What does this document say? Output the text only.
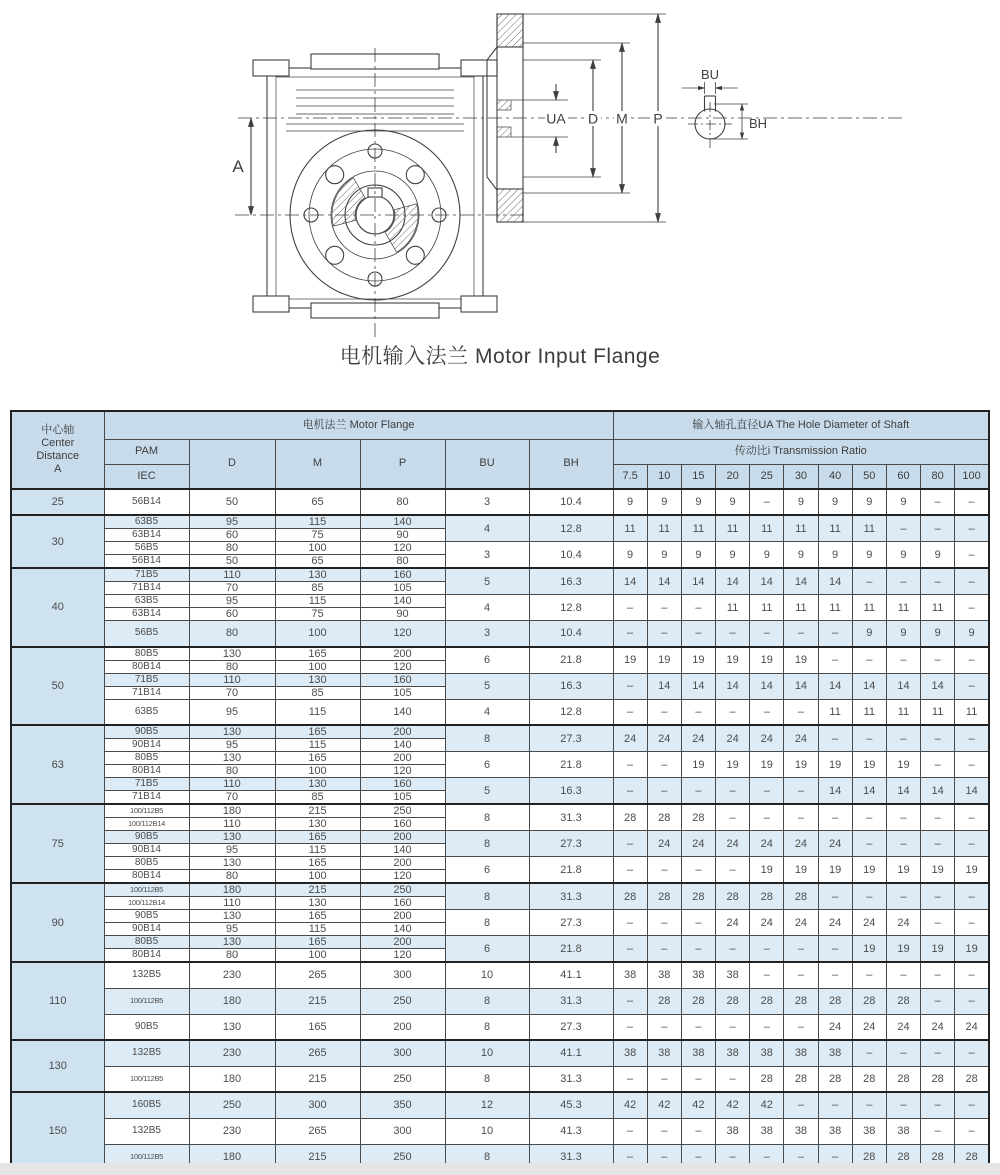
A
UA D M P
BU
BH
电机输入法兰 Motor Input Flange
中心轴
Center
Distance
A	电机法兰 Motor Flange						输入轴孔直径UA The Hole Diameter of Shaft										
	PAM	D	M	P	BU	BH	传动比i Transmission Ratio										
	IEC						7.5	10	15	20	25	30	40	50	60	80	100
25	56B14	50	65	80	3	10.4	9	9	9	9	–	9	9	9	9	–	–
30	63B5	95	115	140	4	12.8	11	11	11	11	11	11	11	11	–	–	–
	63B14	60	75	90													
	56B5	80	100	120	3	10.4	9	9	9	9	9	9	9	9	9	9	–
	56B14	50	65	80													
40	71B5	110	130	160	5	16.3	14	14	14	14	14	14	14	–	–	–	–
	71B14	70	85	105													
	63B5	95	115	140	4	12.8	–	–	–	11	11	11	11	11	11	11	–
	63B14	60	75	90													
	56B5	80	100	120	3	10.4	–	–	–	–	–	–	–	9	9	9	9
50	80B5	130	165	200	6	21.8	19	19	19	19	19	19	–	–	–	–	–
	80B14	80	100	120													
	71B5	110	130	160	5	16.3	–	14	14	14	14	14	14	14	14	14	–
	71B14	70	85	105													
	63B5	95	115	140	4	12.8	–	–	–	–	–	–	11	11	11	11	11
63	90B5	130	165	200	8	27.3	24	24	24	24	24	24	–	–	–	–	–
	90B14	95	115	140													
	80B5	130	165	200	6	21.8	–	–	19	19	19	19	19	19	19	–	–
	80B14	80	100	120													
	71B5	110	130	160	5	16.3	–	–	–	–	–	–	14	14	14	14	14
	71B14	70	85	105													
75	100/112B5	180	215	250	8	31.3	28	28	28	–	–	–	–	–	–	–	–
	100/112B14	110	130	160													
	90B5	130	165	200	8	27.3	–	24	24	24	24	24	24	–	–	–	–
	90B14	95	115	140													
	80B5	130	165	200	6	21.8	–	–	–	–	19	19	19	19	19	19	19
	80B14	80	100	120													
90	100/112B5	180	215	250	8	31.3	28	28	28	28	28	28	–	–	–	–	–
	100/112B14	110	130	160													
	90B5	130	165	200	8	27.3	–	–	–	24	24	24	24	24	24	–	–
	90B14	95	115	140													
	80B5	130	165	200	6	21.8	–	–	–	–	–	–	–	19	19	19	19
	80B14	80	100	120													
110	132B5	230	265	300	10	41.1	38	38	38	38	–	–	–	–	–	–	–
	100/112B5	180	215	250	8	31.3	–	28	28	28	28	28	28	28	28	–	–
	90B5	130	165	200	8	27.3	–	–	–	–	–	–	24	24	24	24	24
130	132B5	230	265	300	10	41.1	38	38	38	38	38	38	38	–	–	–	–
	100/112B5	180	215	250	8	31.3	–	–	–	–	28	28	28	28	28	28	28
150	160B5	250	300	350	12	45.3	42	42	42	42	42	–	–	–	–	–	–
	132B5	230	265	300	10	41.3	–	–	–	38	38	38	38	38	38	–	–
	100/112B5	180	215	250	8	31.3	–	–	–	–	–	–	–	28	28	28	28
